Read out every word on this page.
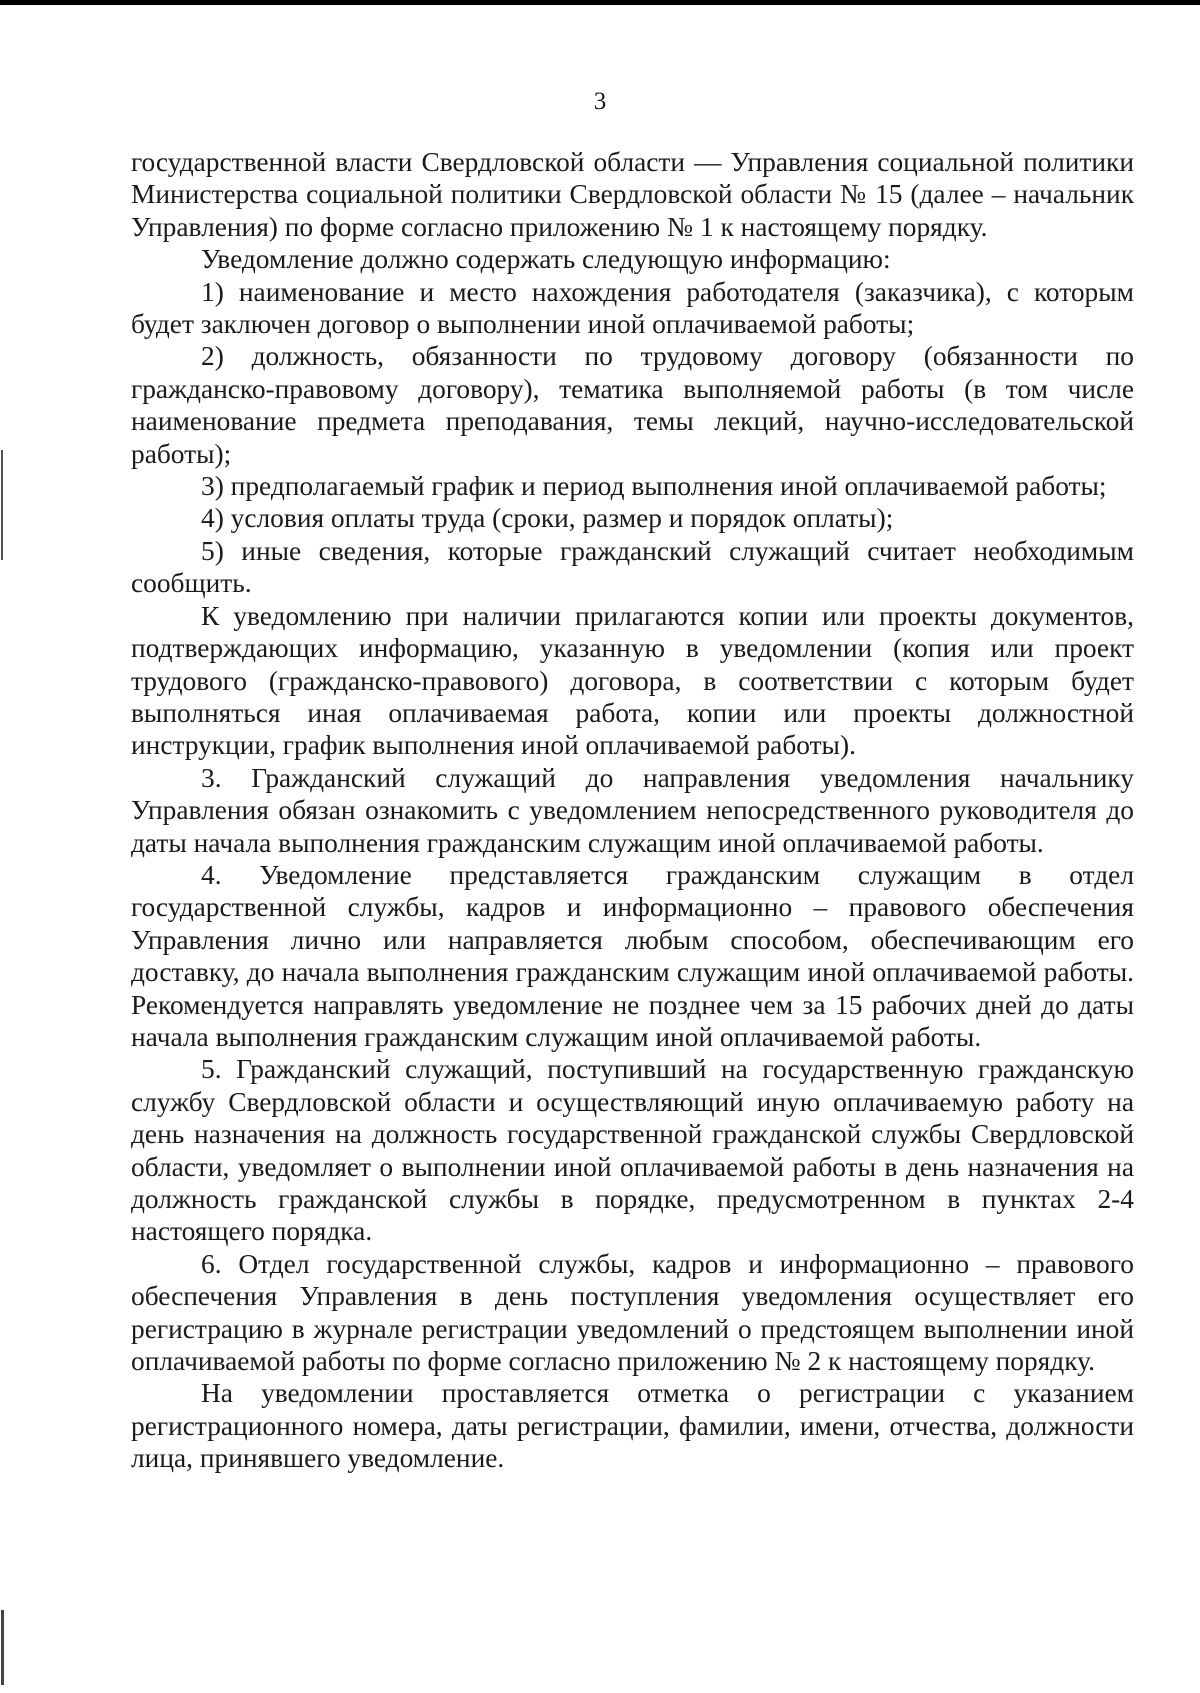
3

государственной власти Свердловской области — Управления социальной политики Министерства социальной политики Свердловской области № 15 (далее – начальник Управления) по форме согласно приложению № 1 к настоящему порядку.

Уведомление должно содержать следующую информацию:

1) наименование и место нахождения работодателя (заказчика), с которым будет заключен договор о выполнении иной оплачиваемой работы;

2) должность, обязанности по трудовому договору (обязанности по гражданско-правовому договору), тематика выполняемой работы (в том числе наименование предмета преподавания, темы лекций, научно-исследовательской работы);

3) предполагаемый график и период выполнения иной оплачиваемой работы;

4) условия оплаты труда (сроки, размер и порядок оплаты);

5) иные сведения, которые гражданский служащий считает необходимым сообщить.

К уведомлению при наличии прилагаются копии или проекты документов, подтверждающих информацию, указанную в уведомлении (копия или проект трудового (гражданско-правового) договора, в соответствии с которым будет выполняться иная оплачиваемая работа, копии или проекты должностной инструкции, график выполнения иной оплачиваемой работы).

3. Гражданский служащий до направления уведомления начальнику Управления обязан ознакомить с уведомлением непосредственного руководителя до даты начала выполнения гражданским служащим иной оплачиваемой работы.

4. Уведомление представляется гражданским служащим в отдел государственной службы, кадров и информационно – правового обеспечения Управления лично или направляется любым способом, обеспечивающим его доставку, до начала выполнения гражданским служащим иной оплачиваемой работы. Рекомендуется направлять уведомление не позднее чем за 15 рабочих дней до даты начала выполнения гражданским служащим иной оплачиваемой работы.

5. Гражданский служащий, поступивший на государственную гражданскую службу Свердловской области и осуществляющий иную оплачиваемую работу на день назначения на должность государственной гражданской службы Свердловской области, уведомляет о выполнении иной оплачиваемой работы в день назначения на должность гражданской службы в порядке, предусмотренном в пунктах 2-4 настоящего порядка.

6. Отдел государственной службы, кадров и информационно – правового обеспечения Управления в день поступления уведомления осуществляет его регистрацию в журнале регистрации уведомлений о предстоящем выполнении иной оплачиваемой работы по форме согласно приложению № 2 к настоящему порядку.

На уведомлении проставляется отметка о регистрации с указанием регистрационного номера, даты регистрации, фамилии, имени, отчества, должности лица, принявшего уведомление.
